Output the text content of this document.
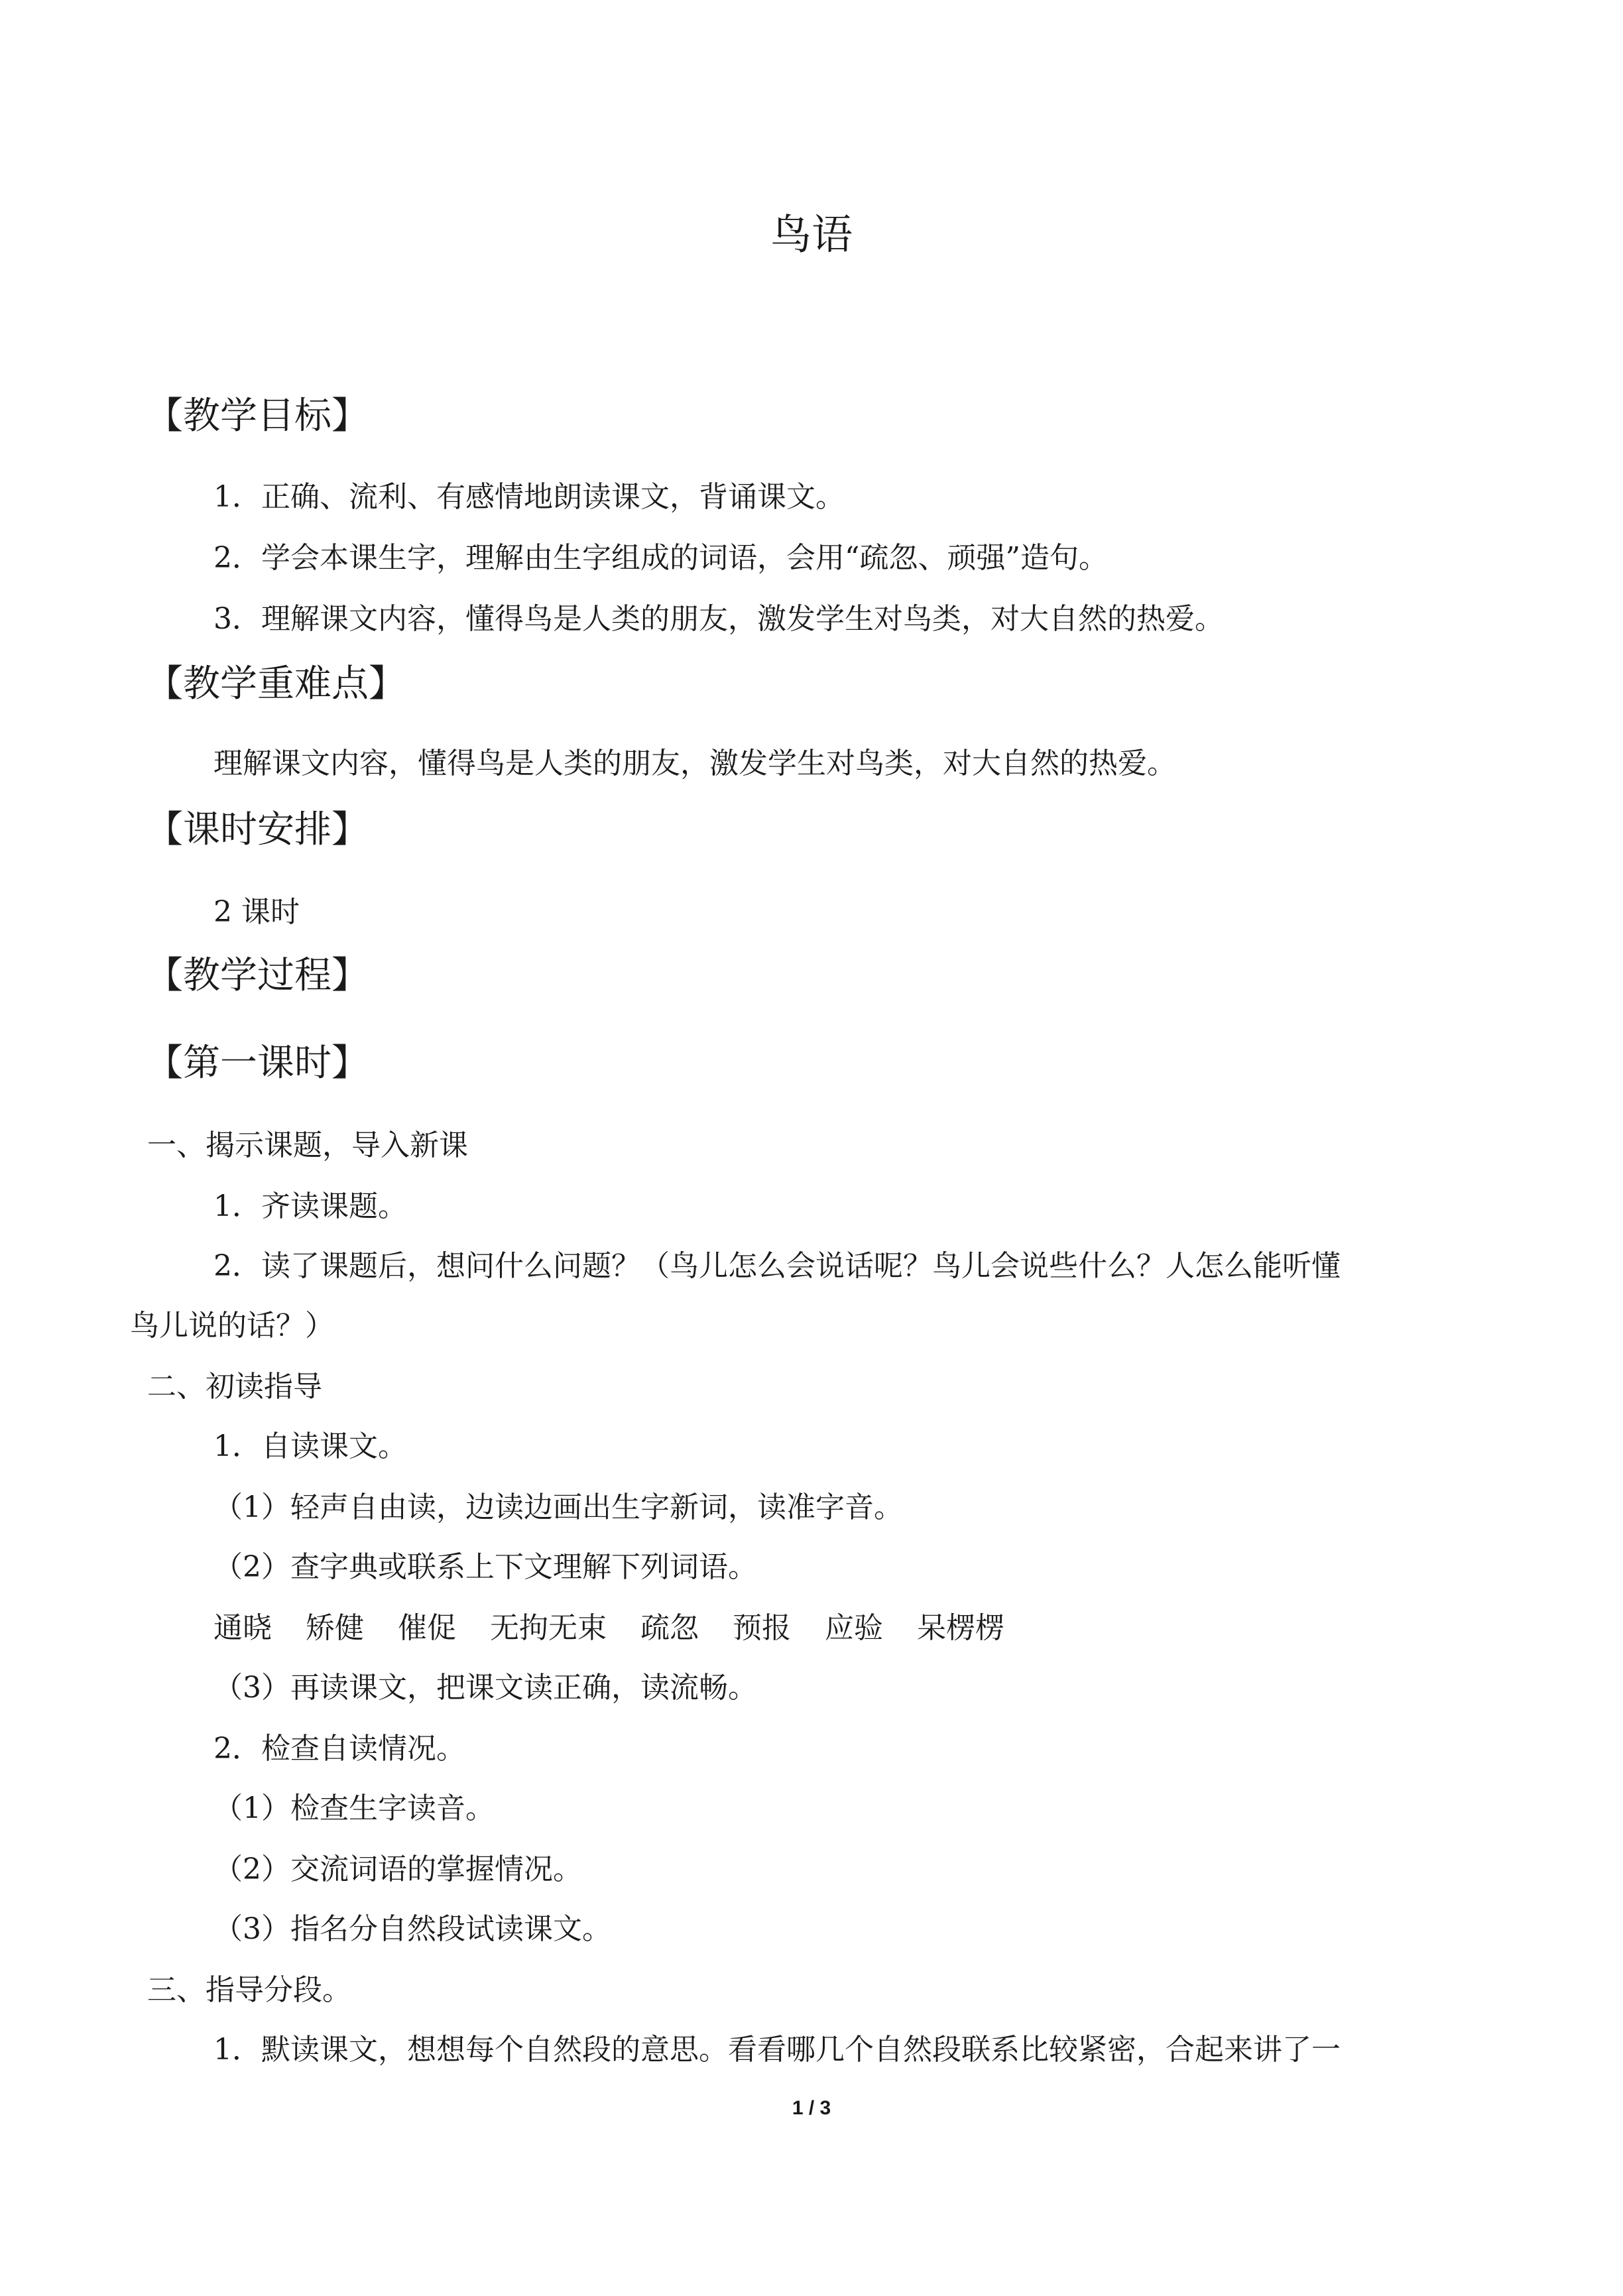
鸟语
【教学目标】
1．正确、流利、有感情地朗读课文，背诵课文。
2．学会本课生字，理解由生字组成的词语，会用“疏忽、顽强”造句。
3．理解课文内容，懂得鸟是人类的朋友，激发学生对鸟类，对大自然的热爱。
【教学重难点】
理解课文内容，懂得鸟是人类的朋友，激发学生对鸟类，对大自然的热爱。
【课时安排】
2 课时
【教学过程】
【第一课时】
一、揭示课题，导入新课
1．齐读课题。
2．读了课题后，想问什么问题？（鸟儿怎么会说话呢？鸟儿会说些什么？人怎么能听懂
鸟儿说的话？）
二、初读指导
1．自读课文。
（1）轻声自由读，边读边画出生字新词，读准字音。
（2）查字典或联系上下文理解下列词语。
通晓 矫健 催促 无拘无束 疏忽 预报 应验 呆楞楞
（3）再读课文，把课文读正确，读流畅。
2．检查自读情况。
（1）检查生字读音。
（2）交流词语的掌握情况。
（3）指名分自然段试读课文。
三、指导分段。
1．默读课文，想想每个自然段的意思。看看哪几个自然段联系比较紧密，合起来讲了一
1 / 3
